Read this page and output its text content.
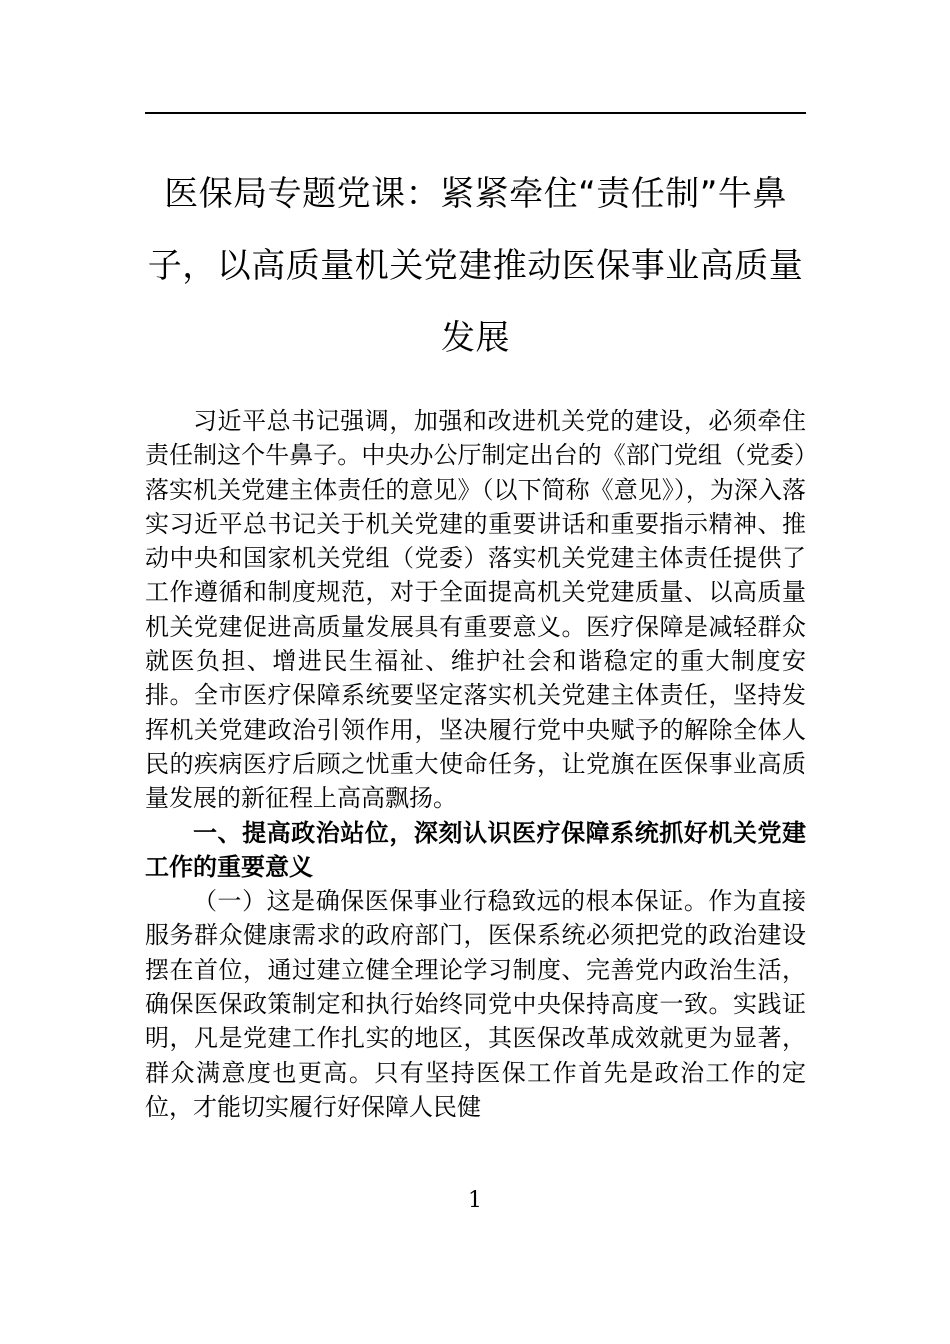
医保局专题党课：紧紧牵住“责任制”牛鼻子，以高质量机关党建推动医保事业高质量发展

习近平总书记强调，加强和改进机关党的建设，必须牵住责任制这个牛鼻子。中央办公厅制定出台的《部门党组（党委）落实机关党建主体责任的意见》（以下简称《意见》），为深入落实习近平总书记关于机关党建的重要讲话和重要指示精神、推动中央和国家机关党组（党委）落实机关党建主体责任提供了工作遵循和制度规范，对于全面提高机关党建质量、以高质量机关党建促进高质量发展具有重要意义。医疗保障是减轻群众就医负担、增进民生福祉、维护社会和谐稳定的重大制度安排。全市医疗保障系统要坚定落实机关党建主体责任，坚持发挥机关党建政治引领作用，坚决履行党中央赋予的解除全体人民的疾病医疗后顾之忧重大使命任务，让党旗在医保事业高质量发展的新征程上高高飘扬。

一、提高政治站位，深刻认识医疗保障系统抓好机关党建工作的重要意义

（一）这是确保医保事业行稳致远的根本保证。作为直接服务群众健康需求的政府部门，医保系统必须把党的政治建设摆在首位，通过建立健全理论学习制度、完善党内政治生活，确保医保政策制定和执行始终同党中央保持高度一致。实践证明，凡是党建工作扎实的地区，其医保改革成效就更为显著，群众满意度也更高。只有坚持医保工作首先是政治工作的定位，才能切实履行好保障人民健

1
